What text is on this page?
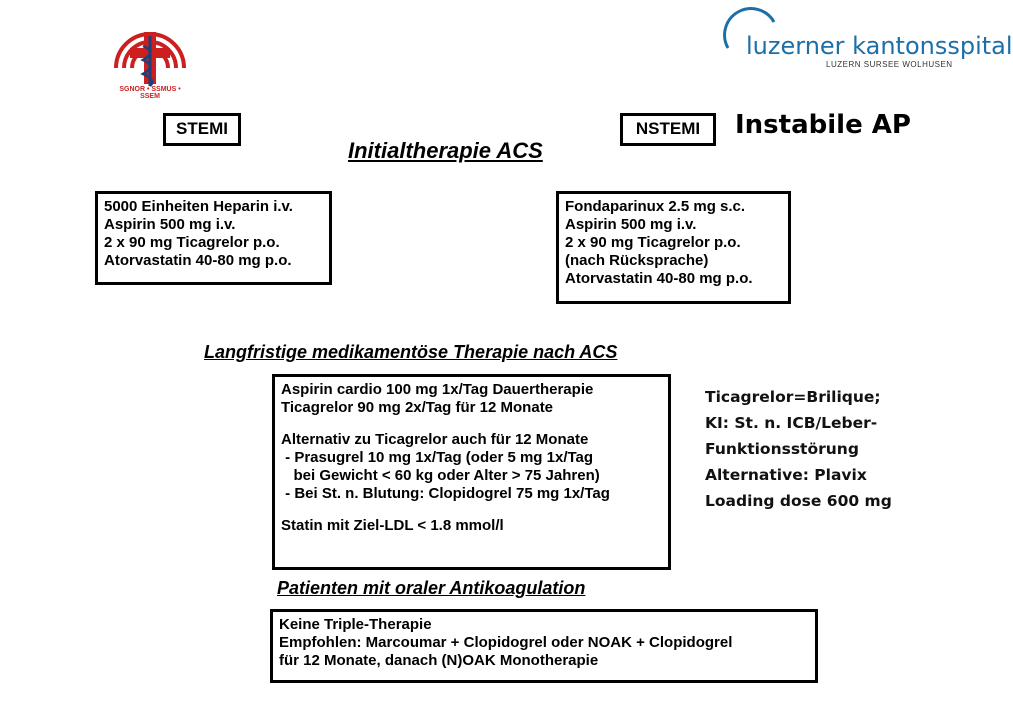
SGNOR • SSMUS • SSEM
luzerner kantonsspital
LUZERN SURSEE WOLHUSEN
STEMI	NSTEMI	Instabile AP
Initialtherapie ACS
5000 Einheiten Heparin i.v.
Aspirin 500 mg i.v.
2 x 90 mg Ticagrelor p.o.
Atorvastatin 40-80 mg p.o.
Fondaparinux 2.5 mg s.c.
Aspirin 500 mg i.v.
2 x 90 mg Ticagrelor p.o.
(nach Rücksprache)
Atorvastatin 40-80 mg p.o.
Langfristige medikamentöse Therapie nach ACS
Aspirin cardio 100 mg 1x/Tag Dauertherapie
Ticagrelor 90 mg 2x/Tag für 12 Monate
Alternativ zu Ticagrelor auch für 12 Monate
- Prasugrel 10 mg 1x/Tag (oder 5 mg 1x/Tag
bei Gewicht < 60 kg oder Alter > 75 Jahren)
- Bei St. n. Blutung: Clopidogrel 75 mg 1x/Tag
Statin mit Ziel-LDL < 1.8 mmol/l
Ticagrelor=Brilique;
KI: St. n. ICB/Leber-
Funktionsstörung
Alternative: Plavix
Loading dose 600 mg
Patienten mit oraler Antikoagulation
Keine Triple-Therapie
Empfohlen: Marcoumar + Clopidogrel oder NOAK + Clopidogrel
für 12 Monate, danach (N)OAK Monotherapie
